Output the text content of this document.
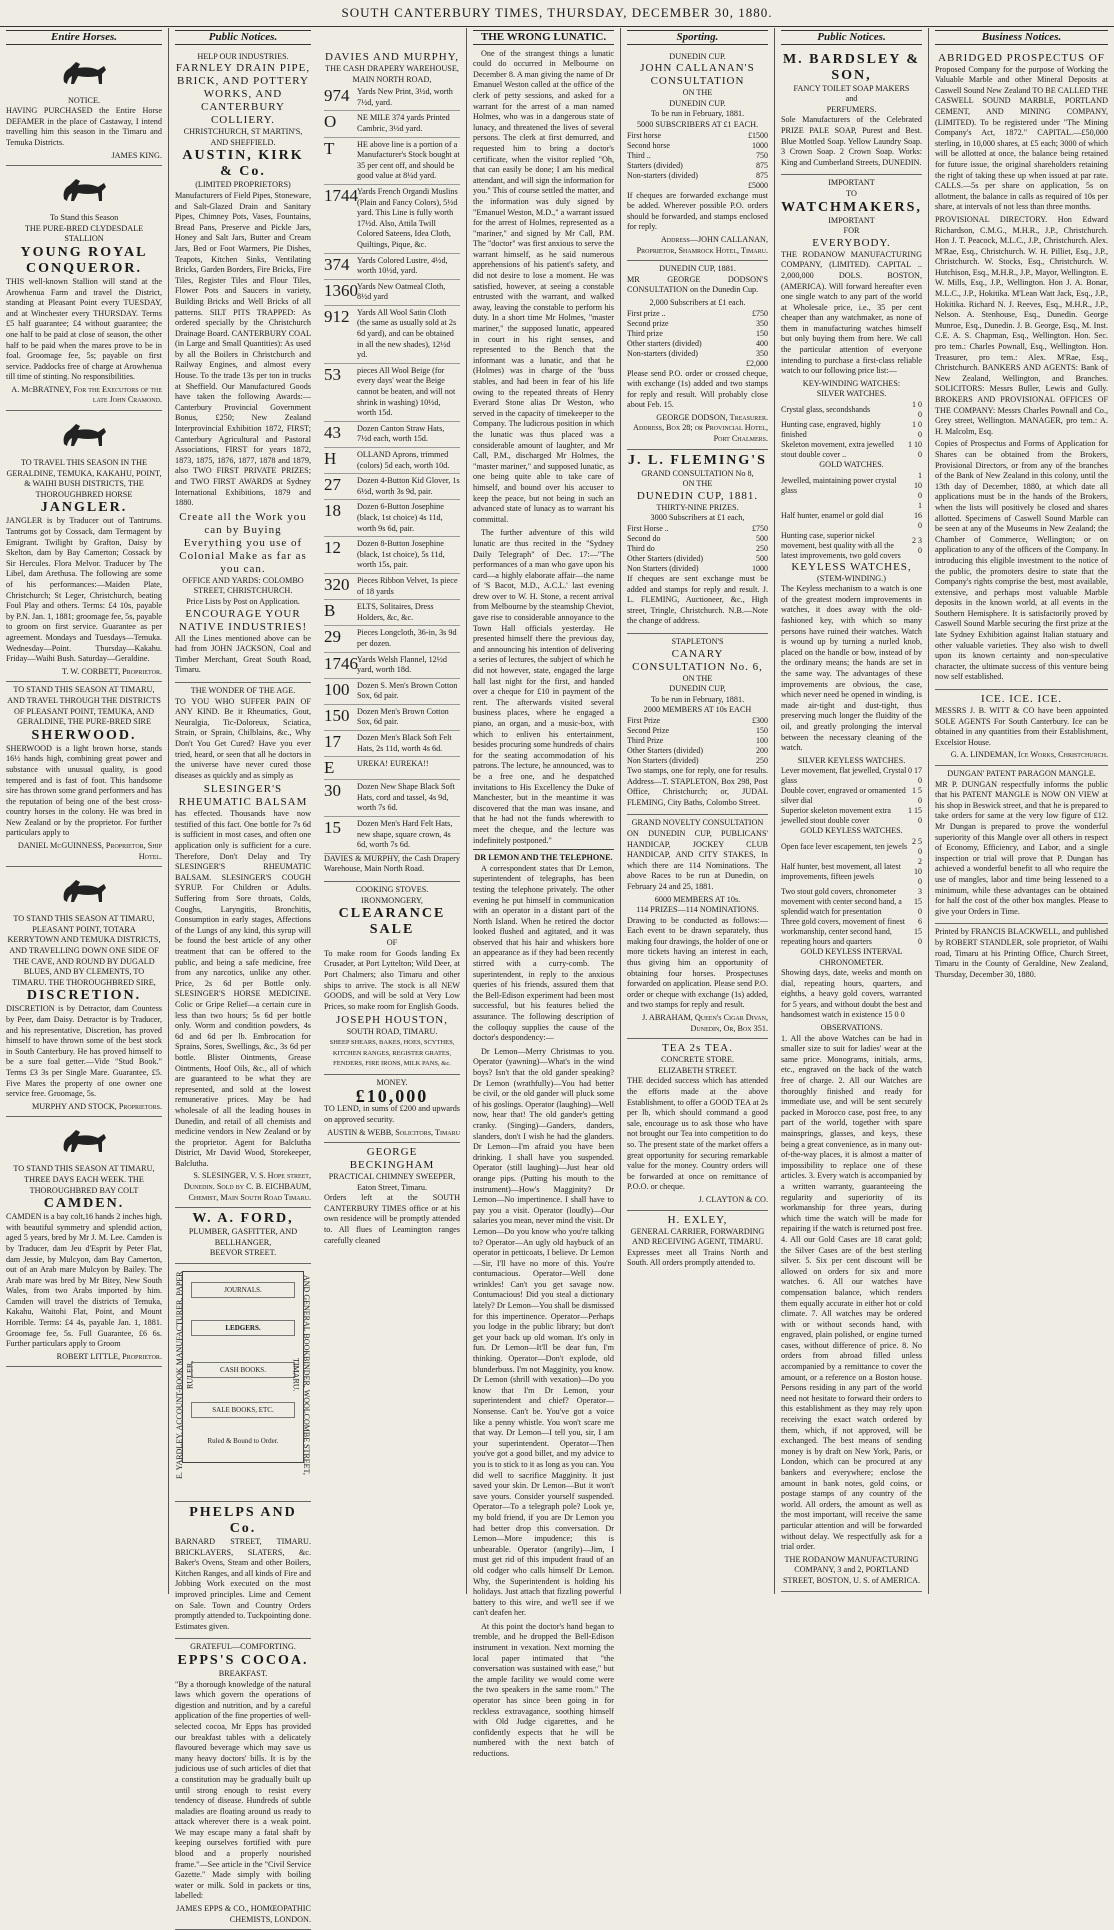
SOUTH CANTERBURY TIMES, THURSDAY, DECEMBER 30, 1880.
Entire Horses.
NOTICE.

HAVING PURCHASED the Entire Horse DEFAMER in the place of Castaway, I intend travelling him this season in the Timaru and Temuka Districts.

JAMES KING.
To Stand this Season
THE PURE-BRED CLYDESDALE STALLION
YOUNG ROYAL CONQUEROR.

THIS well-known Stallion will stand at the Arowhenua Farm and travel the District, standing at Pleasant Point every TUESDAY, and at Winchester every THURSDAY. Terms £5 half guarantee; £4 without guarantee; the one half to be paid at close of season, the other half to be paid when the mares prove to be in foal. Groomage fee, 5s; payable on first service. Paddocks free of charge at Arowhenua till time of stinting. No responsibilities.

A. McBRATNEY, For the Executors of the late John Cramond.
TO TRAVEL THIS SEASON IN THE GERALDINE, TEMUKA, KAKAHU, POINT, & WAIHI BUSH DISTRICTS, THE THOROUGHBRED HORSE
JANGLER.

JANGLER is by Traducer out of Tantrums. Tantrums got by Cossack, dam Termagent by Emigrant. Twilight by Grafton, Daisy by Skelton, dam by Bay Camerton; Cossack by Sir Hercules. Flora Melvor. Traducer by The Libel, dam Arethusa. The following are some of his performances:—Maiden Plate, Christchurch; St Leger, Christchurch, beating Foul Play and others. Terms: £4 10s, payable by P.N. Jan. 1, 1881; groomage fee, 5s, payable to groom on first service. Guarantee as per agreement. Mondays and Tuesdays—Temuka. Wednesday—Point. Thursday—Kakahu. Friday—Waihi Bush. Saturday—Geraldine.

T. W. CORBETT, Proprietor.
TO STAND THIS SEASON AT TIMARU, AND TRAVEL THROUGH THE DISTRICTS OF PLEASANT POINT, TEMUKA, AND GERALDINE, THE PURE-BRED SIRE
SHERWOOD.

SHERWOOD is a light brown horse, stands 16½ hands high, combining great power and substance with unusual quality, is good tempered and is fast of foot. This handsome sire has thrown some grand performers and has the reputation of being one of the best cross-country horses in the colony. He was bred in New Zealand or by the proprietor. For further particulars apply to

DANIEL McGUINNESS, Proprietor, Ship Hotel.
TO STAND THIS SEASON AT TIMARU, PLEASANT POINT, TOTARA KERRYTOWN AND TEMUKA DISTRICTS, AND TRAVELLING DOWN ONE SIDE OF THE CAVE, AND ROUND BY DUGALD BLUES, AND BY CLEMENTS, TO TIMARU. THE THOROUGHBRED SIRE,
DISCRETION.

DISCRETION is by Detractor, dam Countess by Peer, dam Daisy. Detractor is by Traducer, and his representative, Discretion, has proved himself to have thrown some of the best stock in South Canterbury. He has proved himself to be a sure foal getter.—Vide "Stud Book." Terms £3 3s per Single Mare. Guarantee, £5. Five Mares the property of one owner one service free. Groomage, 5s.

MURPHY AND STOCK, Proprietors.
TO STAND THIS SEASON AT TIMARU, THREE DAYS EACH WEEK. THE THOROUGHBRED BAY COLT
CAMDEN.

CAMDEN is a bay colt,16 hands 2 inches high, with beautiful symmetry and splendid action, aged 5 years, bred by Mr J. M. Lee. Camden is by Traducer, dam Jeu d'Esprit by Peter Flat, dam Jessie, by Mulcyon, dam Bay Camerton, out of an Arab mare Mulcyon by Bailey. The Arab mare was bred by Mr Bitey, New South Wales, from two Arabs imported by him. Camden will travel the districts of Temuka, Kakahu, Waitohi Flat, Point, and Mount Horrible. Terms: £4 4s, payable Jan. 1, 1881. Groomage fee, 5s. Full Guarantee, £6 6s. Further particulars apply to Groom

ROBERT LITTLE, Proprietor.
Public Notices.
HELP OUR INDUSTRIES.
FARNLEY DRAIN PIPE, BRICK, AND POTTERY WORKS, AND CANTERBURY COLLIERY.
CHRISTCHURCH, ST MARTIN'S, AND SHEFFIELD.
AUSTIN, KIRK & Co.
(LIMITED PROPRIETORS)

Manufacturers of Field Pipes, Stoneware, and Salt-Glazed Drain and Sanitary Pipes, Chimney Pots, Vases, Fountains, Bread Pans, Preserve and Pickle Jars, Honey and Salt Jars, Butter and Cream Jars, Bed or Foot Warmers, Pie Dishes, Teapots, Kitchen Sinks, Ventilating Bricks, Garden Borders, Fire Bricks, Fire Tiles, Register Tiles and Flour Tiles, Flower Pots and Saucers in variety, Building Bricks and Well Bricks of all patterns. SILT PITS TRAPPED: As ordered specially by the Christchurch Drainage Board. CANTERBURY COAL (in Large and Small Quantities): As used by all the Boilers in Christchurch and Railway Engines, and almost every House. To the trade 13s per ton in trucks at Sheffield. Our Manufactured Goods have taken the following Awards:—Canterbury Provincial Government Bonus, £250; New Zealand Interprovincial Exhibition 1872, FIRST; Canterbury Agricultural and Pastoral Associations, FIRST for years 1872, 1873, 1875, 1876, 1877, 1878 and 1879, also TWO FIRST PRIVATE PRIZES; and TWO FIRST AWARDS at Sydney International Exhibitions, 1879 and 1880.

Create all the Work you can by Buying Everything you use of Colonial Make as far as you can.
OFFICE AND YARDS: COLOMBO STREET, CHRISTCHURCH.
Price Lists by Post on Application.
ENCOURAGE YOUR NATIVE INDUSTRIES!

All the Lines mentioned above can be had from JOHN JACKSON, Coal and Timber Merchant, Great South Road, Timaru.

THE WONDER OF THE AGE.

TO YOU WHO SUFFER PAIN OF ANY KIND. Be it Rheumatics, Gout, Neuralgia, Tic-Doloreux, Sciatica, Strain, or Sprain, Chilblains, &c., Why Don't You Get Cured? Have you ever tried, heard, or seen that all he doctors in the universe have never cured those diseases as quickly and as simply as

SLESINGER'S RHEUMATIC BALSAM

has effected. Thousands have now testified of this fact. One bottle for 7s 6d is sufficient in most cases, and often one application only is sufficient for a cure. Therefore, Don't Delay and Try SLESINGER'S RHEUMATIC BALSAM. SLESINGER'S COUGH SYRUP. For Children or Adults. Suffering from Sore throats, Colds, Coughs, Laryngitis, Bronchitis, Consumption in early stages, Affections of the Lungs of any kind, this syrup will be found the best article of any other treatment that can be offered to the public, and being a safe medicine, free from any narcotics, unlike any other. Price, 2s 6d per Bottle only. SLESINGER'S HORSE MEDICINE. Colic or Gripe Relief—a certain cure in less than two hours; 5s 6d per bottle only. Worm and condition powders, 4s 6d and 6d per lb. Embrocation for Sprains, Sores, Swellings, &c., 3s 6d per bottle. Blister Ointments, Grease Ointments, Hoof Oils, &c., all of which are guaranteed to be what they are represented, and sold at the lowest remunerative prices. May be had wholesale of all the leading houses in Dunedin, and retail of all chemists and medicine vendors in New Zealand or by the proprietor. Agent for Balclutha District, Mr David Wood, Storekeeper, Balclutha.

S. SLESINGER, V. S. Hope street, Dunedin. Sold by C. B. EICHBAUM, Chemist, Main South Road Timaru.
W. A. FORD,
PLUMBER, GASFITTER, AND BELLHANGER,
BEEVOR STREET.
E. YARDLEY, ACCOUNT-BOOK MANUFACTURER, PAPER RULER,
JOURNALS.
LEDGERS.
CASH BOOKS.
SALE BOOKS, ETC.
Ruled & Bound to Order.	AND GENERAL BOOKBINDER, WOOLCOMBE STREET, TIMARU.
PHELPS AND Co.

BARNARD STREET, TIMARU. BRICKLAYERS, SLATERS, &c. Baker's Ovens, Steam and other Boilers, Kitchen Ranges, and all kinds of Fire and Jobbing Work executed on the most improved principles. Lime and Cement on Sale. Town and Country Orders promptly attended to. Tuckpointing done. Estimates given.

GRATEFUL—COMFORTING.
EPPS'S COCOA.
BREAKFAST.

"By a thorough knowledge of the natural laws which govern the operations of digestion and nutrition, and by a careful application of the fine properties of well-selected cocoa, Mr Epps has provided our breakfast tables with a delicately flavoured beverage which may save us many heavy doctors' bills. It is by the judicious use of such articles of diet that a constitution may be gradually built up until strong enough to resist every tendency of disease. Hundreds of subtle maladies are floating around us ready to attack wherever there is a weak point. We may escape many a fatal shaft by keeping ourselves fortified with pure blood and a properly nourished frame."—See article in the "Civil Service Gazette." Made simply with boiling water or milk. Sold in packets or tins, labelled:

JAMES EPPS & CO., HOMŒOPATHIC CHEMISTS, LONDON.
DAVIES AND MURPHY,
THE CASH DRAPERY WAREHOUSE,
MAIN NORTH ROAD,
974 Yards New Print, 3½d, worth 7½d, yard.
O	NE MILE 374 yards Printed Cambric, 3½d yard.
T	HE above line is a portion of a Manufacturer's Stock bought at 35 per cent off, and should be good value at 8¼d yard.
1744 Yards French Organdi Muslins (Plain and Fancy Colors), 5½d yard. This Line is fully worth 17½d. Also, Attila Twill Colored Sateens, Idea Cloth, Quiltings, Pique, &c.
374 Yards Colored Lustre, 4½d, worth 10½d, yard.
1360 Yards New Oatmeal Cloth, 8½d yard
912 Yards All Wool Satin Cloth (the same as usually sold at 2s 6d yard), and can be obtained in all the new shades), 12½d yd.
53	pieces All Wool Beige (for every days' wear the Beige cannot be beaten, and will not shrink in washing) 10½d, worth 15d.
43	Dozen Canton Straw Hats, 7½d each, worth 15d.
H	OLLAND Aprons, trimmed (colors) 5d each, worth 10d.
27	Dozen 4-Button Kid Glover, 1s 6½d, worth 3s 9d, pair.
18	Dozen 6-Button Josephine (black, 1st choice) 4s 11d, worth 9s 6d, pair.
12	Dozen 8-Button Josephine (black, 1st choice), 5s 11d, worth 15s, pair.
320 Pieces Ribbon Velvet, 1s piece of 18 yards
B	ELTS, Solitaires, Dress Holders, &c, &c.
29	Pieces Longcloth, 36-in, 3s 9d per dozen.
1746 Yards Welsh Flannel, 12½d yard, worth 18d.
100 Dozen S. Men's Brown Cotton Sox, 6d pair.
150 Dozen Men's Brown Cotton Sox, 6d pair.
17	Dozen Men's Black Soft Felt Hats, 2s 11d, worth 4s 6d.
E	UREKA! EUREKA!!
30	Dozen New Shape Black Soft Hats, cord and tassel, 4s 9d, worth 7s 6d.
15	Dozen Men's Hard Felt Hats, new shape, square crown, 4s 6d, worth 7s 6d.

DAVIES & MURPHY, the Cash Drapery Warehouse, Main North Road.

COOKING STOVES.
IRONMONGERY,
CLEARANCE SALE
OF

To make room for Goods landing Ex Crusader, at Port Lyttelton; Wild Deer, at Port Chalmers; also Timaru and other ships to arrive. The stock is all NEW GOODS, and will be sold at Very Low Prices, so make room for English Goods.

JOSEPH HOUSTON,
SOUTH ROAD, TIMARU.
SHEEP SHEARS, BAKES, HOES, SCYTHES, KITCHEN RANGES, REGISTER GRATES, FENDERS, FIRE IRONS, MILK PANS, &c.
MONEY.
£10,000

TO LEND, in sums of £200 and upwards on approved security.

AUSTIN & WEBB, Solicitors, Timaru
GEORGE BECKINGHAM
PRACTICAL CHIMNEY SWEEPER, Eaton Street, Timaru.

Orders left at the SOUTH CANTERBURY TIMES office or at his own residence will be promptly attended to. All flues of Leamington ranges carefully cleaned

THE WRONG LUNATIC.

One of the strangest things a lunatic could do occurred in Melbourne on December 8. A man giving the name of Dr Emanuel Weston called at the office of the clerk of petty sessions, and asked for a warrant for the arrest of a man named Holmes, who was in a dangerous state of lunacy, and threatened the lives of several persons. The clerk at first demurred, and requested him to bring a doctor's certificate, when the visitor replied "Oh, that can easily be done; I am his medical attendant, and will sign the information for you." This of course settled the matter, and the information was duly signed by "Emanuel Weston, M.D.," a warrant issued for the arrest of Holmes, represented as a "mariner," and signed by Mr Call, P.M. The "doctor" was first anxious to serve the warrant himself, as he said numerous apprehensions of his patient's safety, and did not desire to lose a moment. He was satisfied, however, at seeing a constable entrusted with the warrant, and walked away, leaving the constable to perform his duty. In a short time Mr Holmes, "master mariner," the supposed lunatic, appeared in court in his right senses, and represented to the Bench that the informant was a lunatic, and that he (Holmes) was in charge of the 'buss stables, and had been in fear of his life owing to the repeated threats of Henry Everard Stone alias Dr Weston, who served in the capacity of timekeeper to the Company. The ludicrous position in which the lunatic was thus placed was a considerable amount of laughter, and Mr Call, P.M., discharged Mr Holmes, the "master mariner," and supposed lunatic, as one being quite able to take care of himself, and bound over his accuser to keep the peace, but not being in such an advanced state of lunacy as to warrant his committal.

The further adventure of this wild lunatic are thus recited in the "Sydney Daily Telegraph" of Dec. 17:—"The performances of a man who gave upon his card—a highly elaborate affair—the name of 'S Bacot, M.D., A.C.L.' last evening drew over to W. H. Stone, a recent arrival from Melbourne by the steamship Cheviot, gave rise to considerable annoyance to the Town Hall officials yesterday. He presented himself there the previous day, and announcing his intention of delivering a series of lectures, the subject of which he did not however, state, engaged the large hall last night for the first, and handed over a cheque for £10 in payment of the rent. The afterwards visited several business places, where he engaged a piano, an organ, and a music-box, with which to enliven his entertainment, besides procuring some hundreds of chairs for the seating accommodation of his patrons. The lecture, he announced, was to be a free one, and he despatched invitations to His Excellency the Duke of Manchester, but in the meantime it was discovered that the man was insane, and that he had not the funds wherewith to meet the cheque, and the lecture was indefinitely postponed."

DR LEMON AND THE TELEPHONE.

A correspondent states that Dr Lemon, superintendent of telegraphs, has been testing the telephone privately. The other evening he put himself in communication with an operator in a distant part of the North Island. When he retired the doctor looked flushed and agitated, and it was observed that his hair and whiskers bore an appearance as if they had been recently stirred with a curry-comb. The superintendent, in reply to the anxious queries of his friends, assured them that the Bell-Edison experiment had been most successful, but his features belied the assurance. The following description of the colloquy supplies the cause of the doctor's despondency:—

Dr Lemon—Merry Christmas to you. Operator (yawning)—What's in the wind boys? Isn't that the old gander speaking? Dr Lemon (wrathfully)—You had better be civil, or the old gander will pluck some of his goslings. Operator (laughing)—Well now, hear that! The old gander's getting cranky. (Singing)—Ganders, danders, slanders, don't I wish he had the glanders. Dr Lemon—I'm afraid you have been drinking. I shall have you suspended. Operator (still laughing)—Just hear old orange pips. (Putting his mouth to the instrument)—How's Magginity? Dr Lemon—No impertinence. I shall have to pay you a visit. Operator (loudly)—Our salaries you mean, never mind the visit. Dr Lemon—Do you know who you're talking to? Operator—An ugly old haybuck of an operator in petticoats, I believe. Dr Lemon—Sir, I'll have no more of this. You're contumacious. Operator—Well done wrinkles! Can't you get savage now. Contumacious! Did you steal a dictionary lately? Dr Lemon—You shall be dismissed for this impertinence. Operator—Perhaps you lodge in the public library; but don't get your back up old woman. It's only in fun. Dr Lemon—It'll be dear fun, I'm thinking. Operator—Don't explode, old blunderbuss. I'm not Magginity, you know. Dr Lemon (shrill with vexation)—Do you know that I'm Dr Lemon, your superintendent and chief? Operator—Nonsense. Can't be. You've got a voice like a penny whistle. You won't scare me that way. Dr Lemon—I tell you, sir, I am your superintendent. Operator—Then you've got a good billet, and my advice to you is to stick to it as long as you can. You did well to sacrifice Magginity. It just saved your skin. Dr Lemon—But it won't save yours. Consider yourself suspended. Operator—To a telegraph pole? Look ye, my bold friend, if you are Dr Lemon you had better drop this conversation. Dr Lemon—More impudence; this is unbearable. Operator (angrily)—Jim, I must get rid of this impudent fraud of an old codger who calls himself Dr Lemon. Why, the Superintendent is holding his holidays. Just attach that fizzling powerful battery to this wire, and we'll see if we can't deafen her.

At this point the doctor's hand began to tremble, and he dropped the Bell-Edison instrument in vexation. Next morning the local paper intimated that "the conversation was sustained with ease," but the ample facility we would come were the two speakers in the same room." The operator has since been going in for reckless extravagance, soothing himself with Old Judge cigarettes, and he confidently expects that he will be numbered with the next batch of reductions.

Sporting.
DUNEDIN CUP.
JOHN CALLANAN'S CONSULTATION
ON THE
DUNEDIN CUP.
To be run in February, 1881.
5000 SUBSCRIBERS AT £1 EACH.
First horse	£1500
Second horse	1000
Third ..	750
Starters (divided)	875
Non-starters (divided)	875
	£5000

If cheques are forwarded exchange must be added. Wherever possible P.O. orders should be forwarded, and stamps enclosed for reply.

Address—JOHN CALLANAN, Proprietor, Shamrock Hotel, Timaru.
DUNEDIN CUP, 1881.

MR GEORGE DODSON'S CONSULTATION on the Dunedin Cup.

2,000 Subscribers at £1 each.
First prize ..	£750
Second prize	350
Third prize	150
Other starters (divided)	400
Non-starters (divided)	350
	£2,000

Please send P.O. order or crossed cheque, with exchange (1s) added and two stamps for reply and result. Will probably close about Feb. 15.

GEORGE DODSON, Treasurer. Address, Box 28; or Provincial Hotel, Port Chalmers.
J. L. FLEMING'S
GRAND CONSULTATION No 8,
ON THE
DUNEDIN CUP, 1881.
THIRTY-NINE PRIZES.
3000 Subscribers at £1 each,
First Horse ..	£750
Second do	500
Third do	250
Other Starters (divided)	500
Non Starters (divided)	1000

If cheques are sent exchange must be added and stamps for reply and result. J. L. FLEMING, Auctioneer, &c., High street, Tringle, Christchurch. N.B.—Note the change of address.

STAPLETON'S
CANARY CONSULTATION No. 6,
ON THE
DUNEDIN CUP,
To be run in February, 1881.
2000 MEMBERS AT 10s EACH
First Prize	£300
Second Prize	150
Third Prize	100
Other Starters (divided)	200
Non Starters (divided)	250

Two stamps, one for reply, one for results. Address—T. STAPLETON, Box 298, Post Office, Christchurch; or, JUDAL FLEMING, City Baths, Colombo Street.

GRAND NOVELTY CONSULTATION

ON DUNEDIN CUP, PUBLICANS' HANDICAP, JOCKEY CLUB HANDICAP, AND CITY STAKES, In which there are 114 Nominations. The above Races to be run at Dunedin, on February 24 and 25, 1881.

6000 MEMBERS AT 10s.
114 PRIZES—114 NOMINATIONS.

Drawing to be conducted as follows:—Each event to be drawn separately, thus making four drawings, the holder of one or more tickets having an interest in each, thus giving him an opportunity of obtaining four horses. Prospectuses forwarded on application. Please send P.O. order or cheque with exchange (1s) added, and two stamps for reply and result.

J. ABRAHAM, Queen's Cigar Divan, Dunedin, Or, Box 351.
TEA 2s TEA.
CONCRETE STORE.
ELIZABETH STREET.

THE decided success which has attended the efforts made at the above Establishment, to offer a GOOD TEA at 2s per lb, which should command a good sale, encourage us to ask those who have not brought our Tea into competition to do so. The present state of the market offers a great opportunity for securing remarkable value for the money. Country orders will be forwarded at once on remittance of P.O.O. or cheque.

J. CLAYTON & CO.
H. EXLEY,
GENERAL CARRIER, FORWARDING AND RECEIVING AGENT, TIMARU.

Expresses meet all Trains North and South. All orders promptly attended to.

Public Notices.
M. BARDSLEY & SON,
FANCY TOILET SOAP MAKERS
and
PERFUMERS.

Sole Manufacturers of the Celebrated PRIZE PALE SOAP, Purest and Best. Blue Mottled Soap. Yellow Laundry Soap. 3 Crown Soap. 2 Crown Soap. Works: King and Cumberland Streets, DUNEDIN.

IMPORTANT
TO
WATCHMAKERS,
IMPORTANT
FOR
EVERYBODY.

THE RODANOW MANUFACTURING COMPANY, (LIMITED). CAPITAL .. 2,000,000 DOLS. BOSTON, (AMERICA). Will forward hereafter even one single watch to any part of the world at Wholesale price, i.e., 35 per cent cheaper than any watchmaker, as none of them in manufacturing watches himself but only buying them from here. We call the particular attention of everyone intending to purchase a first-class reliable watch to our following price list:—

KEY-WINDING WATCHES:
SILVER WATCHES.
Crystal glass, secondshands	1 0 0
Hunting case, engraved, highly finished	1 0 0
Skeleton movement, extra jewelled stout double cover ..	1 10 0
GOLD WATCHES.
Jewelled, maintaining power crystal glass	1 10 0
Half hunter, enamel or gold dial	1 16 0
Hunting case, superior nickel movement, best quality with all the latest improvements, two gold covers	2 3 0
KEYLESS WATCHES,
(STEM-WINDING.)

The Keyless mechanism to a watch is one of the greatest modern improvements in watches, it does away with the old-fashioned key, with which so many persons have ruined their watches. Watch is wound up by turning a nurled knob, placed on the handle or bow, instead of by the ordinary means; the hands are set in the same way. The advantages of these improvements are obvious, the case, which never need be opened in winding, is made air-tight and dust-tight, thus preserving much longer the fluidity of the oil, and greatly prolonging the interval between the necessary cleaning of the watch.

SILVER KEYLESS WATCHES.
Lever movement, flat jewelled, Crystal glass	0 17 0
Double cover, engraved or ornamented silver dial	1 5 0
Superior skeleton movement extra jewelled stout double cover	1 15 0
GOLD KEYLESS WATCHES.
Open face lever escapement, ten jewels	2 5 0
Half hunter, best movement, all latest improvements, fifteen jewels	2 10 0
Two stout gold covers, chronometer movement with center second hand, a splendid watch for presentation	3 15 0
Three gold covers, movement of finest workmanship, center second hand, repeating hours and quarters	6 15 0
GOLD KEYLESS INTERVAL CHRONOMETER.

Showing days, date, weeks and month on dial, repeating hours, quarters, and eighths, a heavy gold covers, warranted for 5 years, and without doubt the best and handsomest watch in existence 15 0 0

OBSERVATIONS.

1. All the above Watches can be had in smaller size to suit for ladies' wear at the same price. Monograms, initials, arms, etc., engraved on the back of the watch free of charge. 2. All our Watches are thoroughly finished and ready for immediate use, and will be sent securely packed in Morocco case, post free, to any part of the world, together with spare mainsprings, glasses, and keys, these being a great convenience, as in many out-of-the-way places, it is almost a matter of impossibility to replace one of these articles. 3. Every watch is accompanied by a written warranty, guaranteeing the regularity and superiority of its workmanship for three years, during which time the watch will be made for repairing if the watch is returned post free. 4. All our Gold Cases are 18 carat gold; the Silver Cases are of the best sterling silver. 5. Six per cent discount will be allowed on orders for six and more watches. 6. All our watches have compensation balance, which renders them equally accurate in either hot or cold climate. 7. All watches may be ordered with or without seconds hand, with engraved, plain polished, or engine turned cases, without difference of price. 8. No orders from abroad filled unless accompanied by a remittance to cover the amount, or a reference on a Boston house. Persons residing in any part of the world need not hesitate to forward their orders to this establishment as they may rely upon receiving the exact watch ordered by them, which, if not approved, will be exchanged. The best means of sending money is by draft on New York, Paris, or London, which can be procured at any bankers and everywhere; enclose the amount in bank notes, gold coins, or postage stamps of any country of the world. All orders, the amount as well as the most important, will receive the same particular attention and will be forwarded without delay. We respectfully ask for a trial order.

THE RODANOW MANUFACTURING COMPANY, 3 and 2, PORTLAND STREET, BOSTON, U. S. of AMERICA.
Business Notices.
ABRIDGED PROSPECTUS OF

Proposed Company for the purpose of Working the Valuable Marble and other Mineral Deposits at Caswell Sound New Zealand TO BE CALLED THE CASWELL SOUND MARBLE, PORTLAND CEMENT, AND MINING COMPANY, (LIMITED). To be registered under "The Mining Company's Act, 1872." CAPITAL.—£50,000 sterling, in 10,000 shares, at £5 each; 3000 of which will be allotted at once, the balance being retained for future issue, the original shareholders retaining the right of taking these up when issued at par rate. CALLS.—5s per share on application, 5s on allotment, the balance in calls as required of 10s per share, at intervals of not less than three months.

PROVISIONAL DIRECTORY. Hon Edward Richardson, C.M.G., M.H.R., J.P., Christchurch. Hon J. T. Peacock, M.L.C., J.P., Christchurch. Alex. M'Rae, Esq., Christchurch. W. H. Pilliet, Esq., J.P., Christchurch. W. Stocks, Esq., Christchurch. W. Hutchison, Esq., M.H.R., J.P., Mayor, Wellington. E. W. Mills, Esq., J.P., Wellington. Hon J. A. Bonar, M.L.C., J.P., Hokitika. M'Lean Watt Jack, Esq., J.P., Hokitika. Richard N. J. Reeves, Esq., M.H.R., J.P., Nelson. A. Stenhouse, Esq., Dunedin. George Munroe, Esq., Dunedin. J. B. George, Esq., M. Inst. C.E. A. S. Chapman, Esq., Wellington. Hon. Sec. pro tem.: Charles Pownall, Esq., Wellington. Hon. Treasurer, pro tem.: Alex. M'Rae, Esq., Christchurch. BANKERS AND AGENTS: Bank of New Zealand, Wellington, and Branches. SOLICITORS: Messrs Buller, Lewis and Gully. BROKERS AND PROVISIONAL OFFICES OF THE COMPANY: Messrs Charles Pownall and Co., Grey street, Wellington. MANAGER, pro tem.: A. H. Malcolm, Esq.

Copies of Prospectus and Forms of Application for Shares can be obtained from the Brokers, Provisional Directors, or from any of the branches of the Bank of New Zealand in this colony, until the 13th day of December, 1880, at which date all applications must be in the hands of the Brokers, when the lists will positively be closed and shares allotted. Specimens of Caswell Sound Marble can be seen at any of the Museums in New Zealand; the Chamber of Commerce, Wellington; or on application to any of the officers of the Company. In introducing this eligible investment to the notice of the public, the promoters desire to state that the Company's rights comprise the best, most available, extensive, and perhaps most valuable Marble deposits in the known world, at all events in the Southern Hemisphere. It is satisfactorily proved by Caswell Sound Marble securing the first prize at the late Sydney Exhibition against Italian statuary and other valuable varieties. They also wish to dwell upon its known certainty and non-speculative character, the ultimate success of this venture being now self established.

ICE. ICE. ICE.

MESSRS J. B. WITT & CO have been appointed SOLE AGENTS For South Canterbury. Ice can be obtained in any quantities from their Establishment, Excelsior House.

G. A. LINDEMAN, Ice Works, Christchurch.
DUNGAN' PATENT PARAGON MANGLE.

MR P. DUNGAN respectfully informs the public that his PATENT MANGLE is NOW ON VIEW at his shop in Beswick street, and that he is prepared to take orders for same at the very low figure of £12. Mr Dungan is prepared to prove the wonderful superiority of this Mangle over all others in respect of Economy, Efficiency, and Labor, and a single inspection or trial will prove that P. Dungan has achieved a wonderful benefit to all who require the use of mangles, labor and time being lessened to a minimum, while these advantages can be obtained for half the cost of the other box mangles. Please to give your Orders in Time.

Printed by FRANCIS BLACKWELL, and published by ROBERT STANDLER, sole proprietor, of Waihi road, Timaru at his Printing Office, Church Street, Timaru in the County of Geraldine, New Zealand, Thursday, December 30, 1880.
